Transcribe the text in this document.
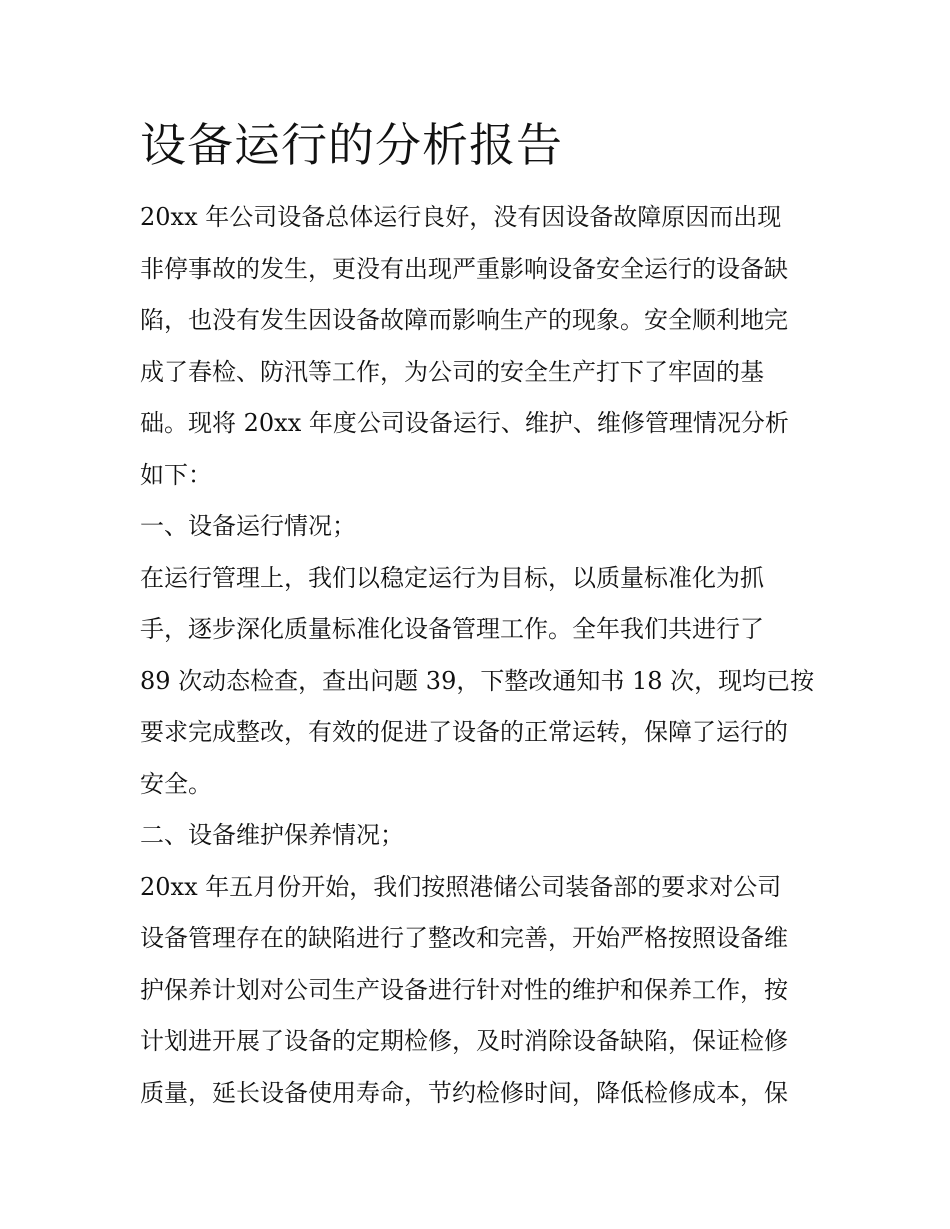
设备运行的分析报告

20xx 年公司设备总体运行良好，没有因设备故障原因而出现

非停事故的发生，更没有出现严重影响设备安全运行的设备缺

陷，也没有发生因设备故障而影响生产的现象。安全顺利地完

成了春检、防汛等工作，为公司的安全生产打下了牢固的基

础。现将 20xx 年度公司设备运行、维护、维修管理情况分析

如下：

一、设备运行情况；

在运行管理上，我们以稳定运行为目标，以质量标准化为抓

手，逐步深化质量标准化设备管理工作。全年我们共进行了

89 次动态检查，查出问题 39，下整改通知书 18 次，现均已按

要求完成整改，有效的促进了设备的正常运转，保障了运行的

安全。

二、设备维护保养情况；

20xx 年五月份开始，我们按照港储公司装备部的要求对公司

设备管理存在的缺陷进行了整改和完善，开始严格按照设备维

护保养计划对公司生产设备进行针对性的维护和保养工作，按

计划进开展了设备的定期检修，及时消除设备缺陷，保证检修

质量，延长设备使用寿命，节约检修时间，降低检修成本，保
